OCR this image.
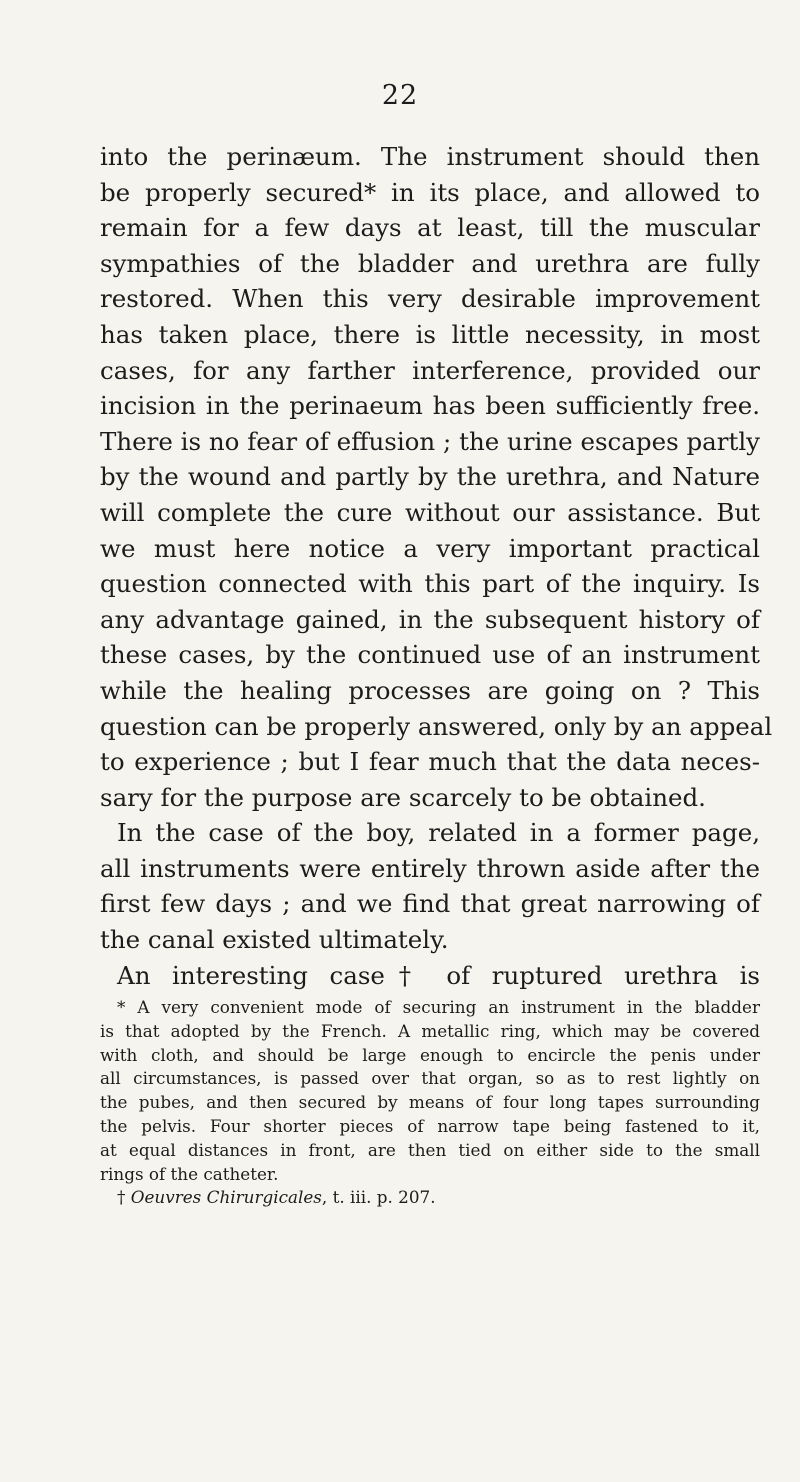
22
into the perinæum. The instrument should then
be properly secured* in its place, and allowed to
remain for a few days at least, till the muscular
sympathies of the bladder and urethra are fully
restored. When this very desirable improvement
has taken place, there is little necessity, in most
cases, for any farther interference, provided our
incision in the perinaeum has been sufficiently free.
There is no fear of effusion ; the urine escapes partly
by the wound and partly by the urethra, and Nature
will complete the cure without our assistance. But
we must here notice a very important practical
question connected with this part of the inquiry. Is
any advantage gained, in the subsequent history of
these cases, by the continued use of an instrument
while the healing processes are going on ? This
question can be properly answered, only by an appeal
to experience ; but I fear much that the data neces-
sary for the purpose are scarcely to be obtained.
In the case of the boy, related in a former page,
all instruments were entirely thrown aside after the
first few days ; and we find that great narrowing of
the canal existed ultimately.
An interesting case† of ruptured urethra is
* A very convenient mode of securing an instrument in the bladder
is that adopted by the French. A metallic ring, which may be covered
with cloth, and should be large enough to encircle the penis under
all circumstances, is passed over that organ, so as to rest lightly on
the pubes, and then secured by means of four long tapes surrounding
the pelvis. Four shorter pieces of narrow tape being fastened to it,
at equal distances in front, are then tied on either side to the small
rings of the catheter.
† Oeuvres Chirurgicales, t. iii. p. 207.
